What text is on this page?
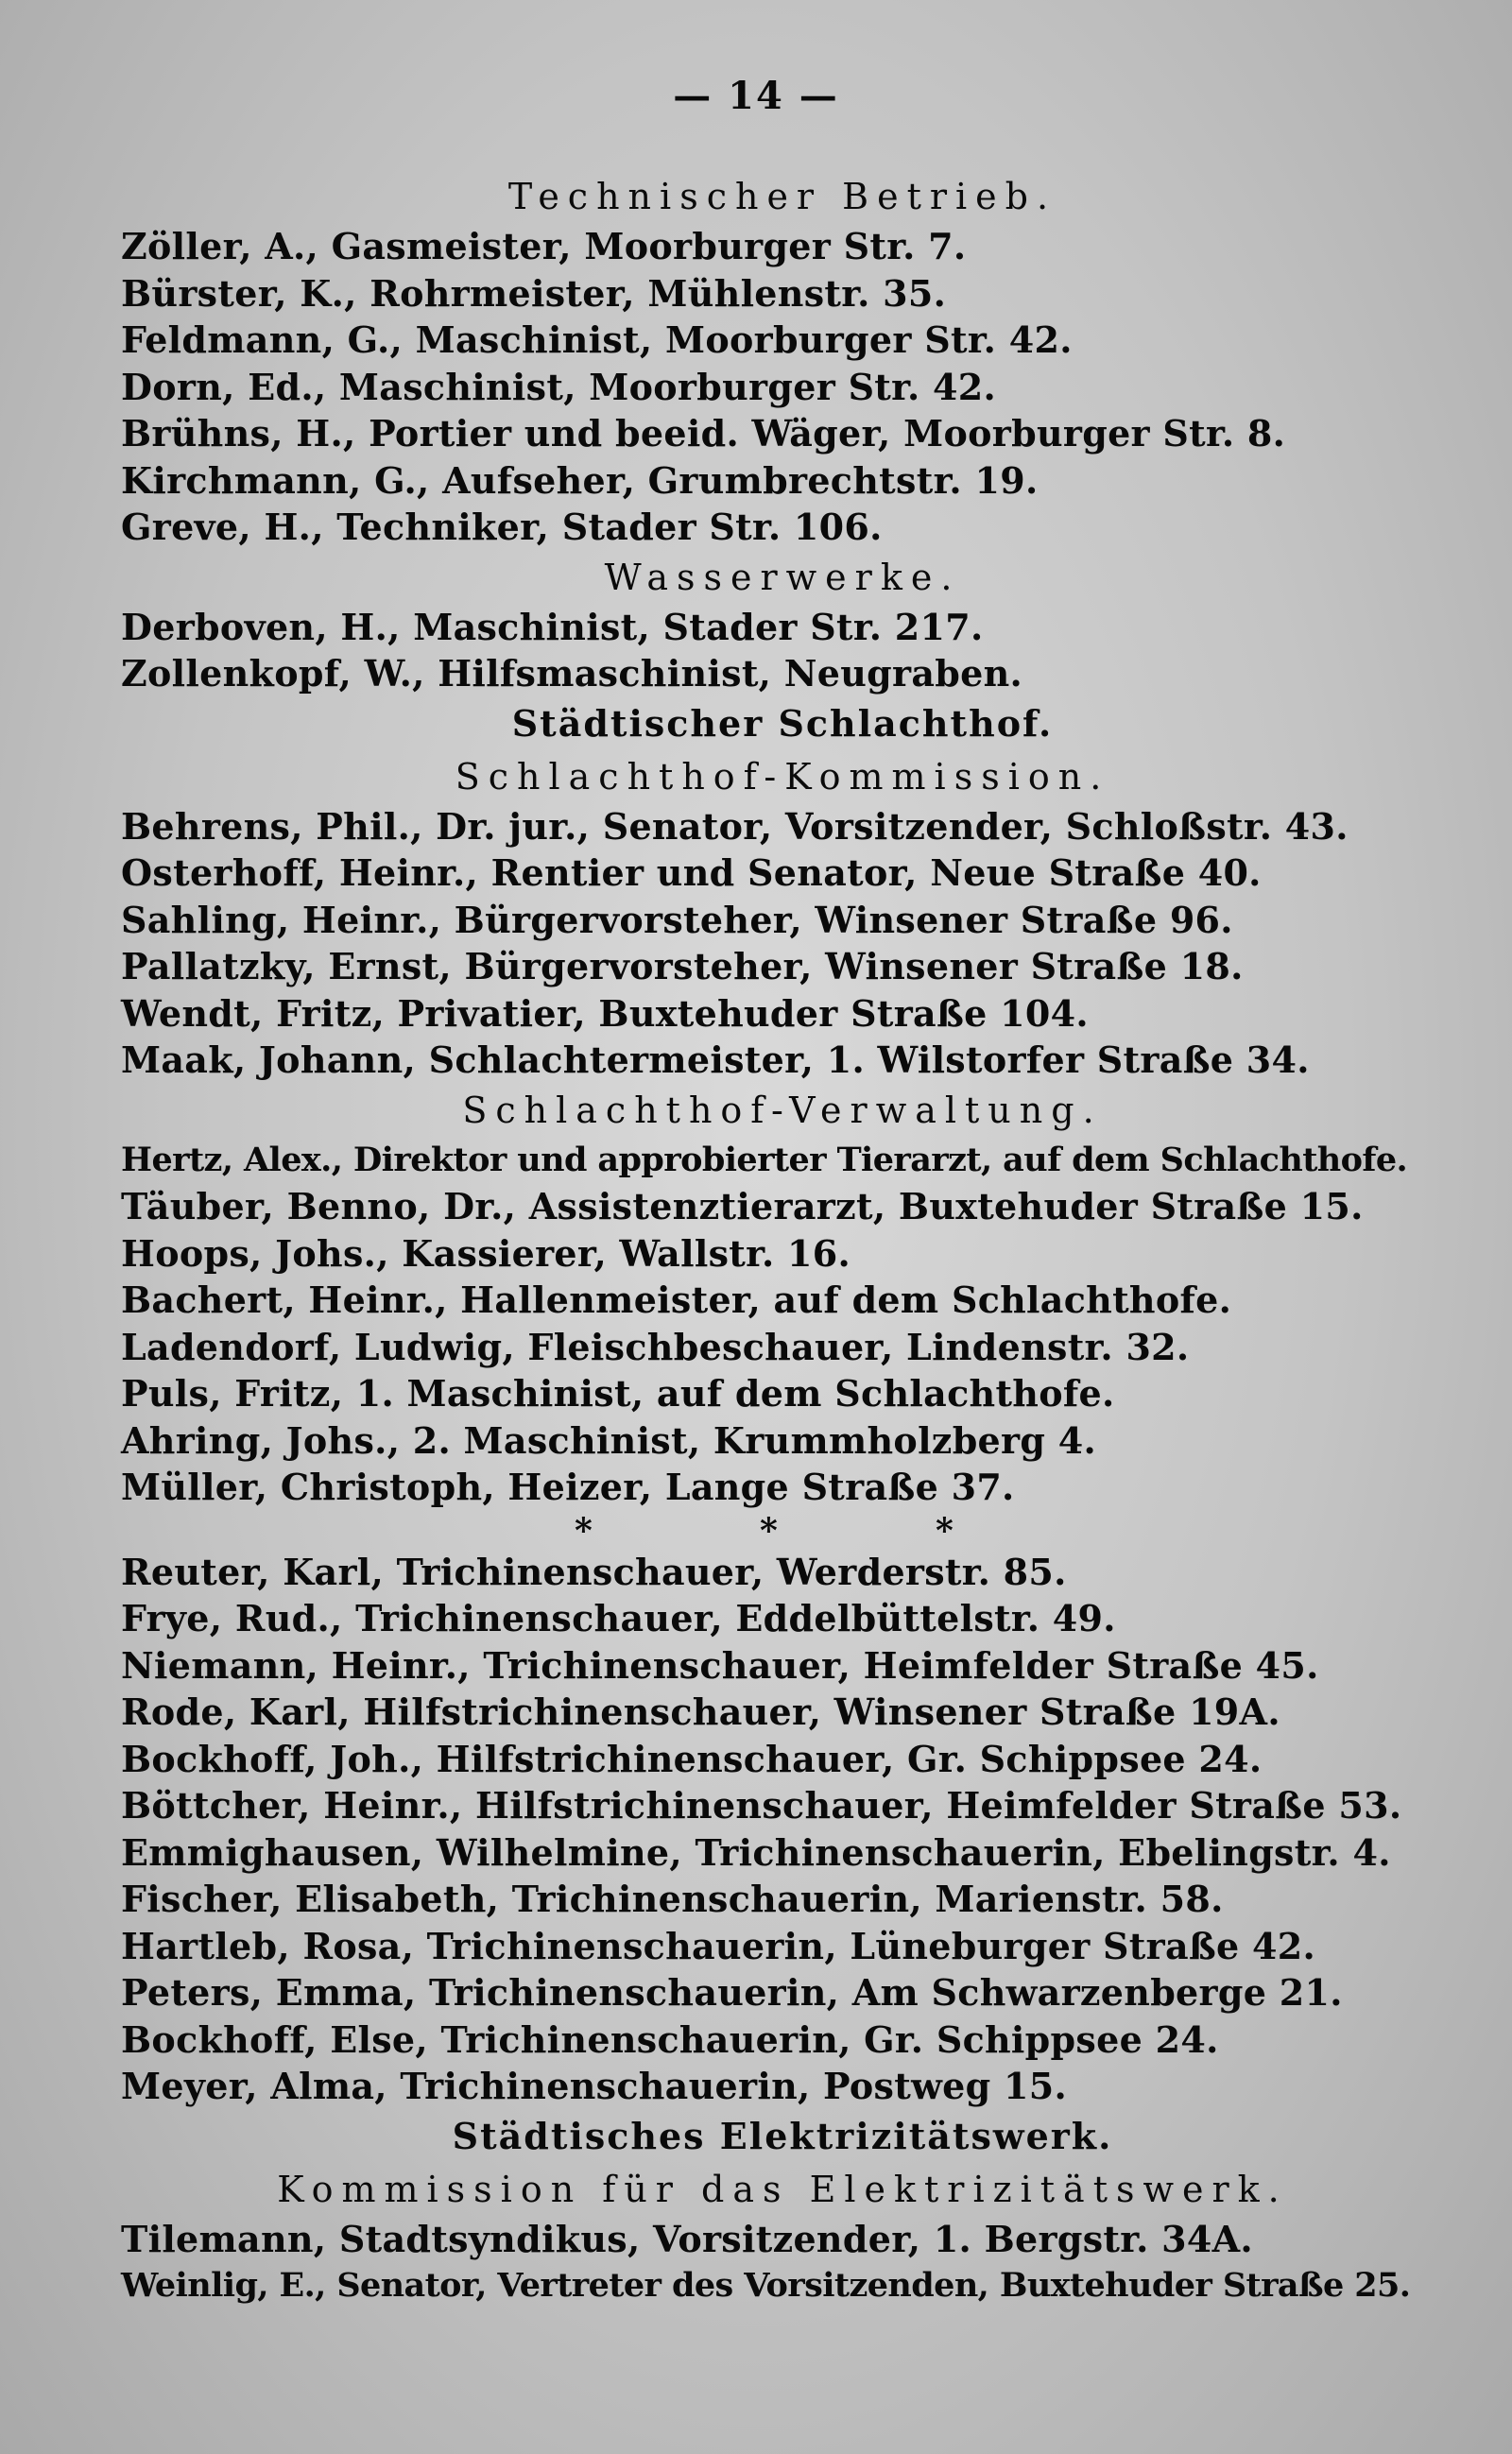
— 14 —
Technischer Betrieb.
Zöller, A., Gasmeister, Moorburger Str. 7.
Bürster, K., Rohrmeister, Mühlenstr. 35.
Feldmann, G., Maschinist, Moorburger Str. 42.
Dorn, Ed., Maschinist, Moorburger Str. 42.
Brühns, H., Portier und beeid. Wäger, Moorburger Str. 8.
Kirchmann, G., Aufseher, Grumbrechtstr. 19.
Greve, H., Techniker, Stader Str. 106.
Wasserwerke.
Derboven, H., Maschinist, Stader Str. 217.
Zollenkopf, W., Hilfsmaschinist, Neugraben.
Städtischer Schlachthof.
Schlachthof-Kommission.
Behrens, Phil., Dr. jur., Senator, Vorsitzender, Schloßstr. 43.
Osterhoff, Heinr., Rentier und Senator, Neue Straße 40.
Sahling, Heinr., Bürgervorsteher, Winsener Straße 96.
Pallatzky, Ernst, Bürgervorsteher, Winsener Straße 18.
Wendt, Fritz, Privatier, Buxtehuder Straße 104.
Maak, Johann, Schlachtermeister, 1. Wilstorfer Straße 34.
Schlachthof-Verwaltung.
Hertz, Alex., Direktor und approbierter Tierarzt, auf dem Schlachthofe.
Täuber, Benno, Dr., Assistenztierarzt, Buxtehuder Straße 15.
Hoops, Johs., Kassierer, Wallstr. 16.
Bachert, Heinr., Hallenmeister, auf dem Schlachthofe.
Ladendorf, Ludwig, Fleischbeschauer, Lindenstr. 32.
Puls, Fritz, 1. Maschinist, auf dem Schlachthofe.
Ahring, Johs., 2. Maschinist, Krummholzberg 4.
Müller, Christoph, Heizer, Lange Straße 37.
*	*	*
Reuter, Karl, Trichinenschauer, Werderstr. 85.
Frye, Rud., Trichinenschauer, Eddelbüttelstr. 49.
Niemann, Heinr., Trichinenschauer, Heimfelder Straße 45.
Rode, Karl, Hilfstrichinenschauer, Winsener Straße 19A.
Bockhoff, Joh., Hilfstrichinenschauer, Gr. Schippsee 24.
Böttcher, Heinr., Hilfstrichinenschauer, Heimfelder Straße 53.
Emmighausen, Wilhelmine, Trichinenschauerin, Ebelingstr. 4.
Fischer, Elisabeth, Trichinenschauerin, Marienstr. 58.
Hartleb, Rosa, Trichinenschauerin, Lüneburger Straße 42.
Peters, Emma, Trichinenschauerin, Am Schwarzenberge 21.
Bockhoff, Else, Trichinenschauerin, Gr. Schippsee 24.
Meyer, Alma, Trichinenschauerin, Postweg 15.
Städtisches Elektrizitätswerk.
Kommission für das Elektrizitätswerk.
Tilemann, Stadtsyndikus, Vorsitzender, 1. Bergstr. 34A.
Weinlig, E., Senator, Vertreter des Vorsitzenden, Buxtehuder Straße 25.
